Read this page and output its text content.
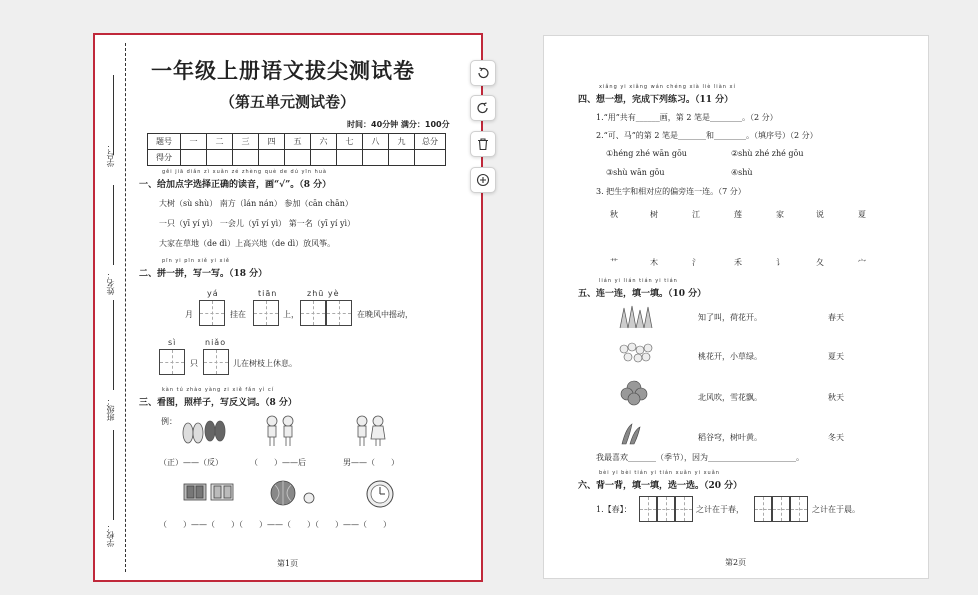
学号：
姓名：
班级：
学校：
一年级上册语文拔尖测试卷
（第五单元测试卷）
时间：40分钟 满分：100分
题号	一	二	三	四	五	六	七	八	九	总分
得分										
gěi jiā diǎn zì xuǎn zé zhèng què de dú yīn huà
一、给加点字选择正确的读音，画“√”。（8 分）
大树（sù shù） 南方（lán nán） 参加（cān chān）
一只（yī yí yì） 一会儿（yī yí yì） 第一名（yī yí yì）
大家在草地（de dì）上高兴地（de dì）放风筝。
pīn yi pīn xiě yi xiě
二、拼一拼，写一写。（18 分）
月
yá
挂在
tiān
上，
zhū yè
在晚风中摇动，
sì
只
niǎo
儿在树枝上休息。
kàn tú zhào yàng zi xiě fǎn yì cí
三、看图，照样子，写反义词。（8 分）
例：
（正）——（反）	（　　）——后	男——（　　）
（　　）——（　　）（　　）——（　　）（　　）——（　　）
第1页
xiǎng yi xiǎng wán chéng xià liè liàn xí
四、想一想，完成下列练习。（11 分）
1.“用”共有______画，第 2 笔是________。（2 分）
2.“可、马”的第 2 笔是_______和________。（填序号）（2 分）
①héng zhé wān gōu	②shù zhé zhé gōu
③shù wān gōu	④shù
3. 把生字和相对应的偏旁连一连。（7 分）
秋	树	江	莲	家	说	夏
艹	木	氵	禾	讠	夂	宀
lián yi lián tián yi tián
五、连一连，填一填。（10 分）
知了叫，荷花开。	春天
桃花开，小草绿。	夏天
北风吹，雪花飘。	秋天
稻谷穹，树叶黄。	冬天
我最喜欢_______（季节），因为______________________。
bèi yi bèi tián yi tián xuǎn yi xuǎn
六、背一背，填一填，选一选。（20 分）
1.【春】：	之计在于春，	之计在于晨。
第2页
